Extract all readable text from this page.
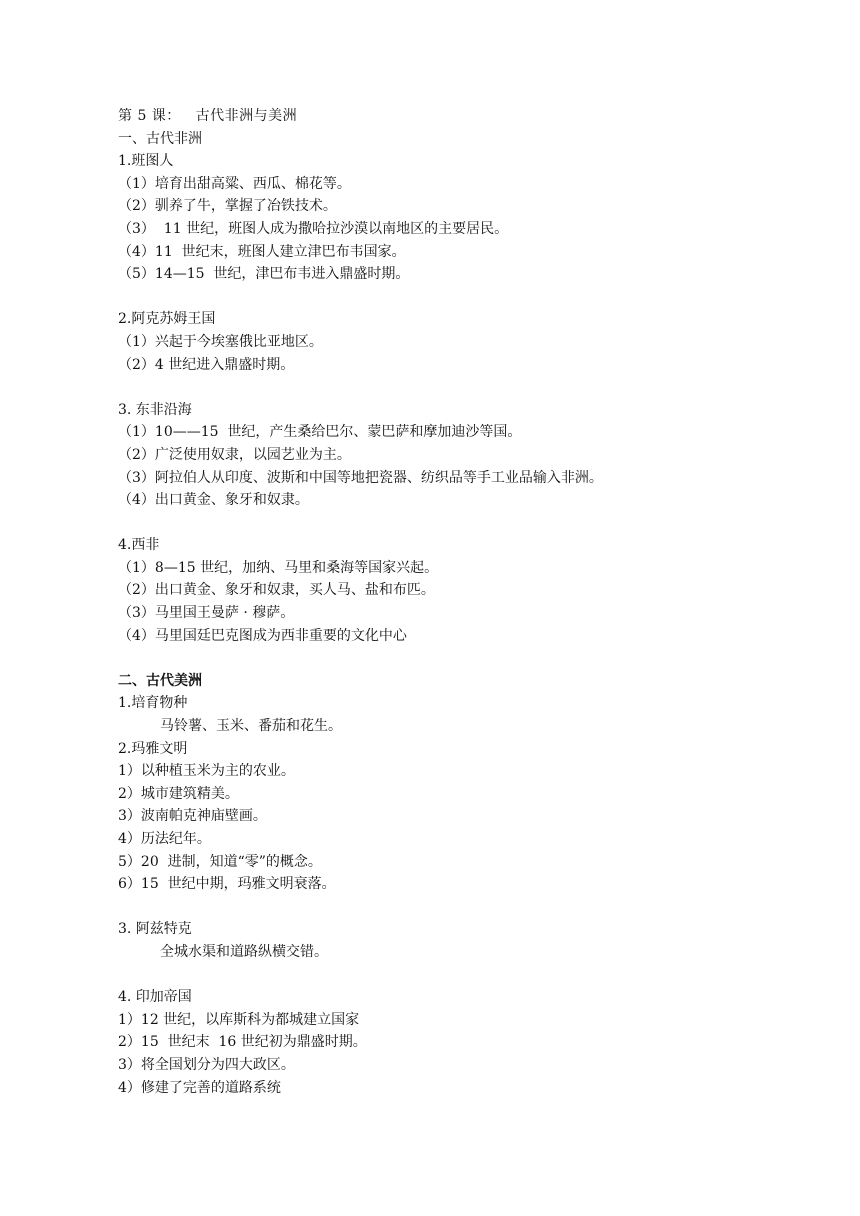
第 5 课：   古代非洲与美洲
一、古代非洲
1.班图人
（1）培育出甜高粱、西瓜、棉花等。
（2）驯养了牛，掌握了冶铁技术。
（3）  11 世纪，班图人成为撒哈拉沙漠以南地区的主要居民。
（4）11  世纪末，班图人建立津巴布韦国家。
（5）14—15  世纪，津巴布韦进入鼎盛时期。
2.阿克苏姆王国
（1）兴起于今埃塞俄比亚地区。
（2）4 世纪进入鼎盛时期。
3. 东非沿海
（1）10——15  世纪，产生桑给巴尔、蒙巴萨和摩加迪沙等国。
（2）广泛使用奴隶，以园艺业为主。
（3）阿拉伯人从印度、波斯和中国等地把瓷器、纺织品等手工业品输入非洲。
（4）出口黄金、象牙和奴隶。
4.西非
（1）8—15 世纪，加纳、马里和桑海等国家兴起。
（2）出口黄金、象牙和奴隶，买人马、盐和布匹。
（3）马里国王曼萨 · 穆萨。
（4）马里国廷巴克图成为西非重要的文化中心
二、古代美洲
1.培育物种
马铃薯、玉米、番茄和花生。
2.玛雅文明
1）以种植玉米为主的农业。
2）城市建筑精美。
3）波南帕克神庙壁画。
4）历法纪年。
5）20  进制，知道“零”的概念。
6）15  世纪中期，玛雅文明衰落。
3. 阿兹特克
全城水渠和道路纵横交错。
4. 印加帝国
1）12 世纪，以库斯科为都城建立国家
2）15  世纪末  16 世纪初为鼎盛时期。
3）将全国划分为四大政区。
4）修建了完善的道路系统
